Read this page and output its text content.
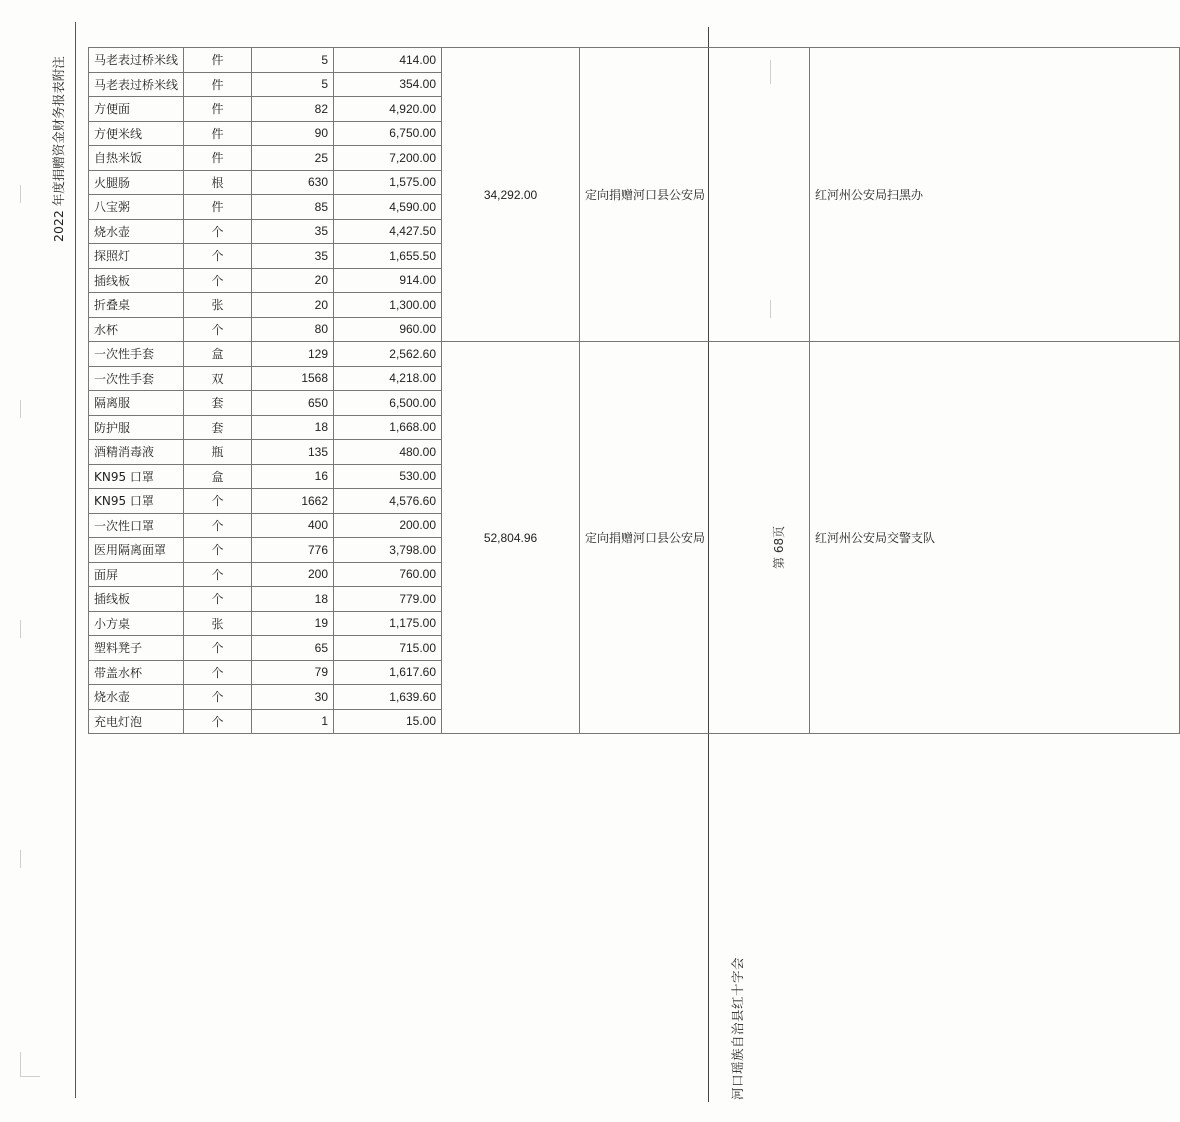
2022 年度捐赠资金财务报表附注
河口瑶族自治县红十字会
马老表过桥米线	件	5	414.00	34,292.00	定向捐赠河口县公安局	红河州公安局扫黑办
马老表过桥米线	件	5	354.00			
方便面	件	82	4,920.00			
方便米线	件	90	6,750.00			
自热米饭	件	25	7,200.00			
火腿肠	根	630	1,575.00			
八宝粥	件	85	4,590.00			
烧水壶	个	35	4,427.50			
探照灯	个	35	1,655.50			
插线板	个	20	914.00			
折叠桌	张	20	1,300.00			
水杯	个	80	960.00			
一次性手套	盒	129	2,562.60	52,804.96	定向捐赠河口县公安局	红河州公安局交警支队
一次性手套	双	1568	4,218.00			
隔离服	套	650	6,500.00			
防护服	套	18	1,668.00			
酒精消毒液	瓶	135	480.00			
KN95 口罩	盒	16	530.00			
KN95 口罩	个	1662	4,576.60			
一次性口罩	个	400	200.00			
医用隔离面罩	个	776	3,798.00			
面屏	个	200	760.00			
插线板	个	18	779.00			
小方桌	张	19	1,175.00			
塑料凳子	个	65	715.00			
带盖水杯	个	79	1,617.60			
烧水壶	个	30	1,639.60			
充电灯泡	个	1	15.00			
第 68页
